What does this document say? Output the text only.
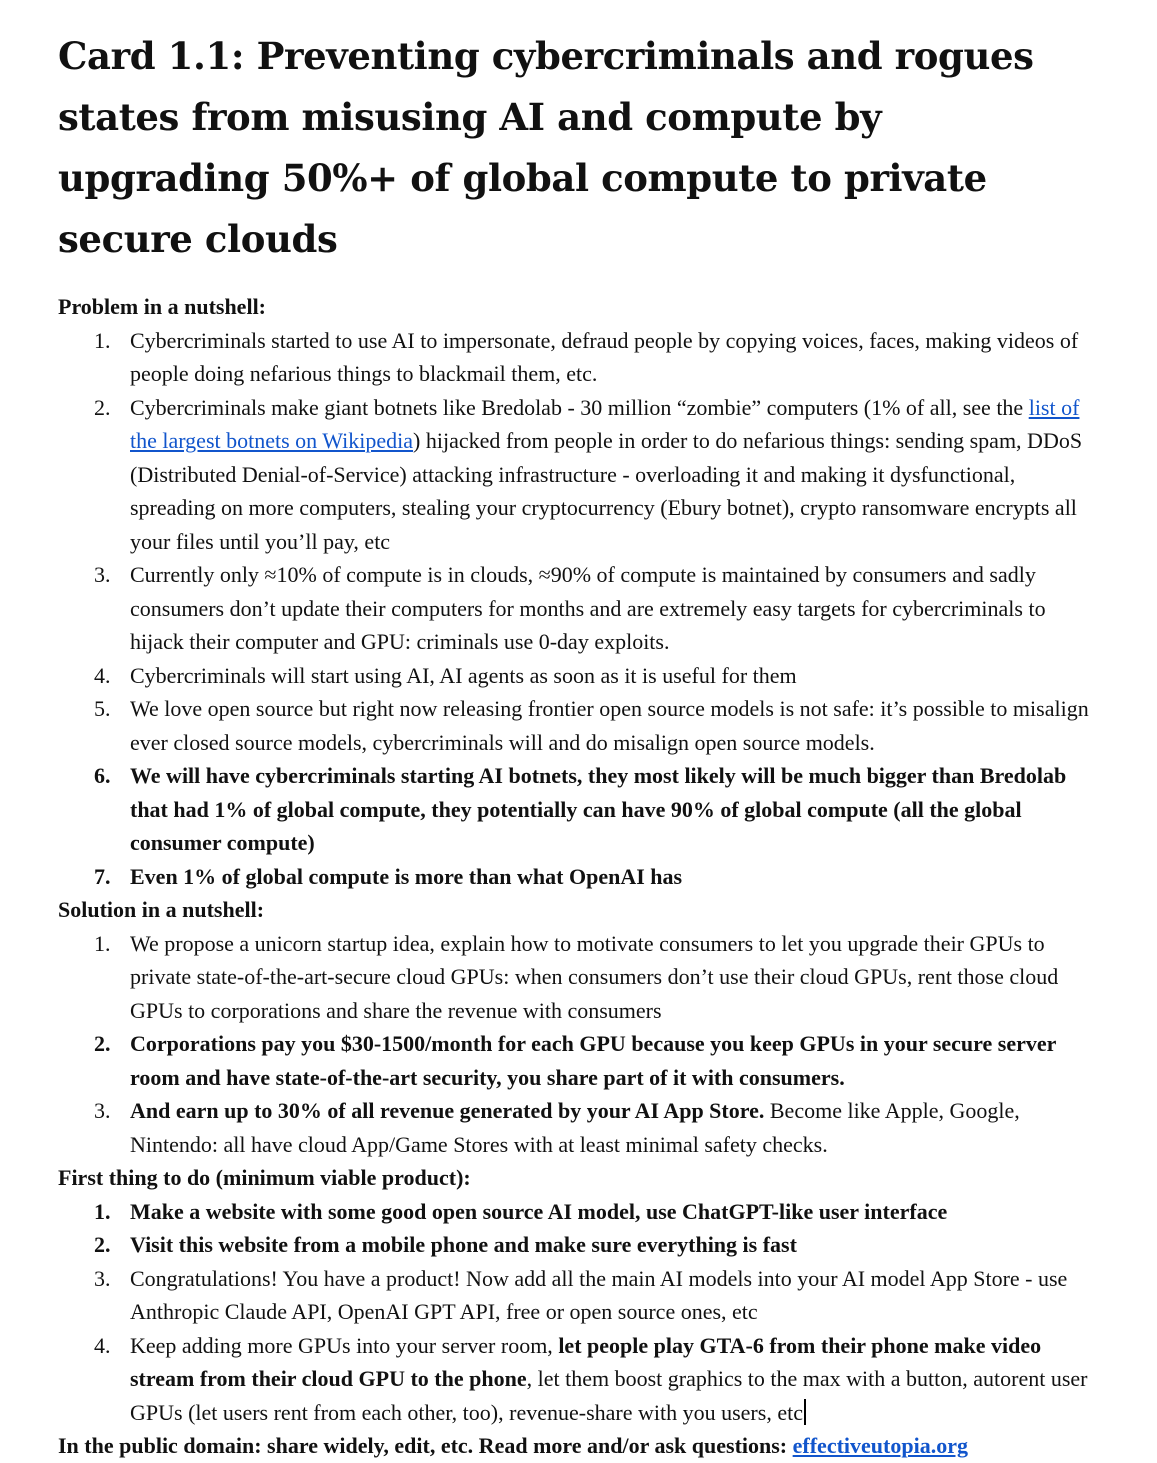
Card 1.1: Preventing cybercriminals and rogues states from misusing AI and compute by upgrading 50%+ of global compute to private secure clouds
Problem in a nutshell:
1. Cybercriminals started to use AI to impersonate, defraud people by copying voices, faces, making videos of people doing nefarious things to blackmail them, etc.
2. Cybercriminals make giant botnets like Bredolab - 30 million “zombie” computers (1% of all, see the list of the largest botnets on Wikipedia) hijacked from people in order to do nefarious things: sending spam, DDoS (Distributed Denial-of-Service) attacking infrastructure - overloading it and making it dysfunctional, spreading on more computers, stealing your cryptocurrency (Ebury botnet), crypto ransomware encrypts all your files until you’ll pay, etc
3. Currently only ≈10% of compute is in clouds, ≈90% of compute is maintained by consumers and sadly consumers don’t update their computers for months and are extremely easy targets for cybercriminals to hijack their computer and GPU: criminals use 0-day exploits.
4. Cybercriminals will start using AI, AI agents as soon as it is useful for them
5. We love open source but right now releasing frontier open source models is not safe: it’s possible to misalign ever closed source models, cybercriminals will and do misalign open source models.
6. We will have cybercriminals starting AI botnets, they most likely will be much bigger than Bredolab that had 1% of global compute, they potentially can have 90% of global compute (all the global consumer compute)
7. Even 1% of global compute is more than what OpenAI has
Solution in a nutshell:
1. We propose a unicorn startup idea, explain how to motivate consumers to let you upgrade their GPUs to private state-of-the-art-secure cloud GPUs: when consumers don’t use their cloud GPUs, rent those cloud GPUs to corporations and share the revenue with consumers
2. Corporations pay you $30-1500/month for each GPU because you keep GPUs in your secure server room and have state-of-the-art security, you share part of it with consumers.
3. And earn up to 30% of all revenue generated by your AI App Store. Become like Apple, Google, Nintendo: all have cloud App/Game Stores with at least minimal safety checks.
First thing to do (minimum viable product):
1. Make a website with some good open source AI model, use ChatGPT-like user interface
2. Visit this website from a mobile phone and make sure everything is fast
3. Congratulations! You have a product! Now add all the main AI models into your AI model App Store - use Anthropic Claude API, OpenAI GPT API, free or open source ones, etc
4. Keep adding more GPUs into your server room, let people play GTA-6 from their phone make video stream from their cloud GPU to the phone, let them boost graphics to the max with a button, autorent user GPUs (let users rent from each other, too), revenue-share with you users, etc
In the public domain: share widely, edit, etc. Read more and/or ask questions: effectiveutopia.org
